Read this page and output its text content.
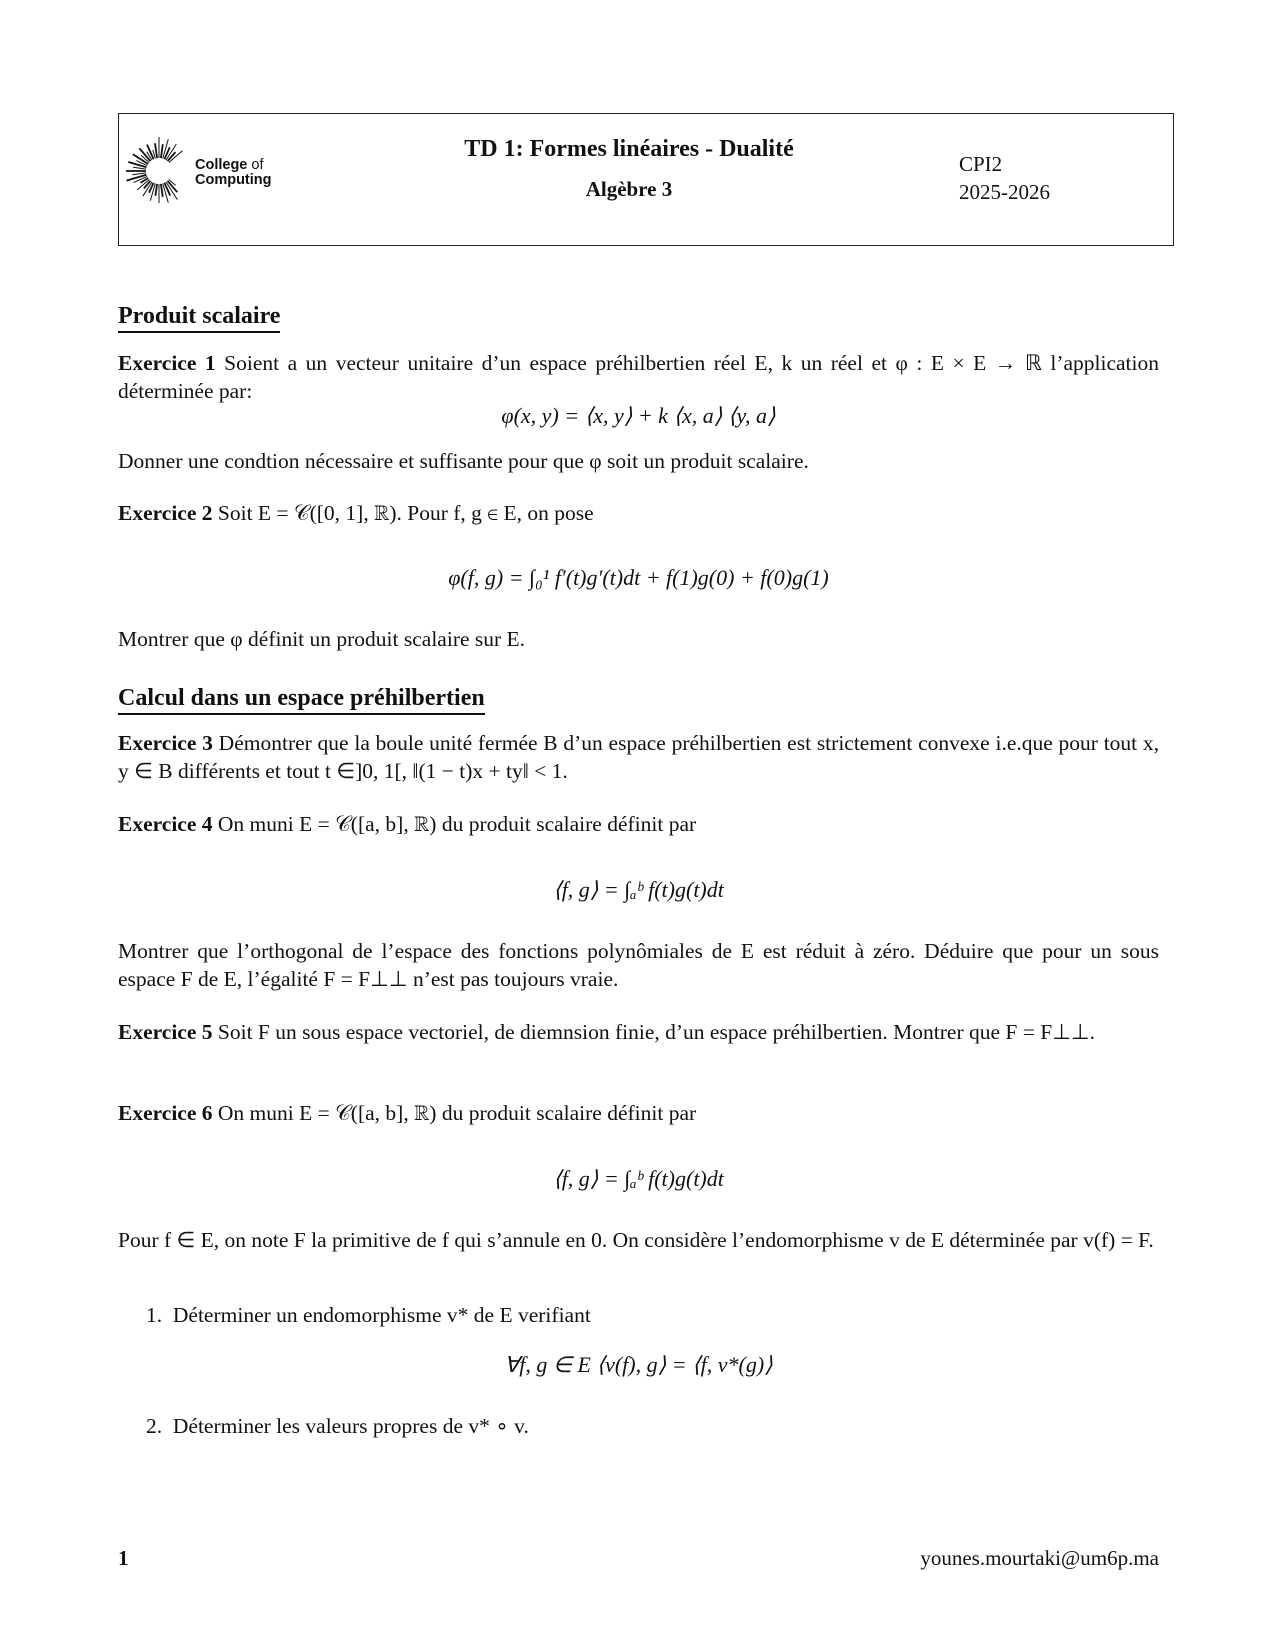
College of
Computing
TD 1: Formes linéaires - Dualité
Algèbre 3
CPI2
2025-2026
Produit scalaire
Exercice 1 Soient a un vecteur unitaire d’un espace préhilbertien réel E, k un réel et φ : E × E → ℝ l’application déterminée par:
φ(x, y) = ⟨x, y⟩ + k ⟨x, a⟩ ⟨y, a⟩
Donner une condtion nécessaire et suffisante pour que φ soit un produit scalaire.
Exercice 2 Soit E = 𝒞([0, 1], ℝ). Pour f, g ∈ E, on pose
φ(f, g) = ∫₀¹ f′(t)g′(t)dt + f(1)g(0) + f(0)g(1)
Montrer que φ définit un produit scalaire sur E.
Calcul dans un espace préhilbertien
Exercice 3 Démontrer que la boule unité fermée B d’un espace préhilbertien est strictement convexe i.e.que pour tout x, y ∈ B différents et tout t ∈]0, 1[, ‖(1 − t)x + ty‖ < 1.
Exercice 4 On muni E = 𝒞([a, b], ℝ) du produit scalaire définit par
⟨f, g⟩ = ∫ₐᵇ f(t)g(t)dt
Montrer que l’orthogonal de l’espace des fonctions polynômiales de E est réduit à zéro. Déduire que pour un sous espace F de E, l’égalité F = F⊥⊥ n’est pas toujours vraie.
Exercice 5 Soit F un sous espace vectoriel, de diemnsion finie, d’un espace préhilbertien. Montrer que F = F⊥⊥.
Exercice 6 On muni E = 𝒞([a, b], ℝ) du produit scalaire définit par
⟨f, g⟩ = ∫ₐᵇ f(t)g(t)dt
Pour f ∈ E, on note F la primitive de f qui s’annule en 0. On considère l’endomorphisme v de E déterminée par v(f) = F.
1. Déterminer un endomorphisme v* de E verifiant
∀f, g ∈ E ⟨v(f), g⟩ = ⟨f, v*(g)⟩
2. Déterminer les valeurs propres de v* ∘ v.
1	younes.mourtaki@um6p.ma
